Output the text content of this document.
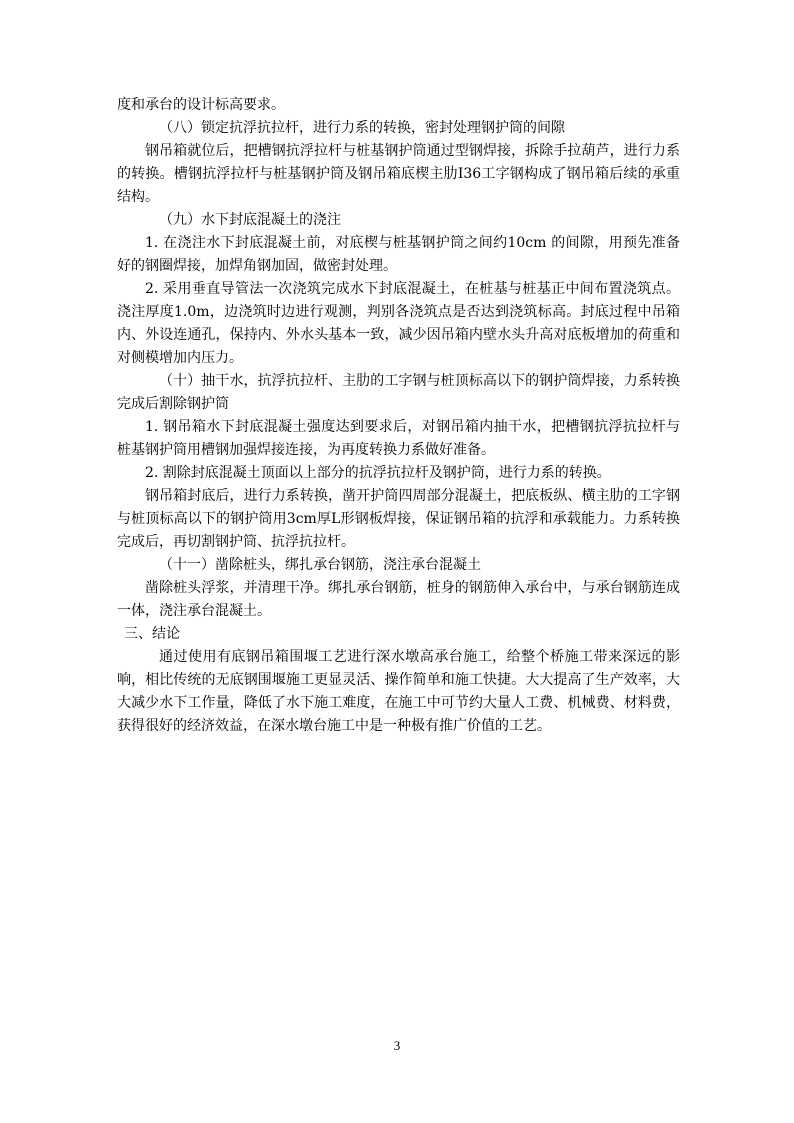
度和承台的设计标高要求。

（八）锁定抗浮抗拉杆，进行力系的转换，密封处理钢护筒的间隙

钢吊箱就位后，把槽钢抗浮拉杆与桩基钢护筒通过型钢焊接，拆除手拉葫芦，进行力系的转换。槽钢抗浮拉杆与桩基钢护筒及钢吊箱底楔主肋I36工字钢构成了钢吊箱后续的承重结构。

（九）水下封底混凝土的浇注

1. 在浇注水下封底混凝土前，对底楔与桩基钢护筒之间约10cm 的间隙，用预先准备好的钢圈焊接，加焊角钢加固，做密封处理。

2. 采用垂直导管法一次浇筑完成水下封底混凝土，在桩基与桩基正中间布置浇筑点。浇注厚度1.0m，边浇筑时边进行观测，判别各浇筑点是否达到浇筑标高。封底过程中吊箱内、外设连通孔，保持内、外水头基本一致，减少因吊箱内壁水头升高对底板增加的荷重和对侧模增加内压力。

（十）抽干水，抗浮抗拉杆、主肋的工字钢与桩顶标高以下的钢护筒焊接，力系转换完成后割除钢护筒

1. 钢吊箱水下封底混凝土强度达到要求后，对钢吊箱内抽干水，把槽钢抗浮抗拉杆与桩基钢护筒用槽钢加强焊接连接，为再度转换力系做好准备。

2. 割除封底混凝土顶面以上部分的抗浮抗拉杆及钢护筒，进行力系的转换。

钢吊箱封底后，进行力系转换，凿开护筒四周部分混凝土，把底板纵、横主肋的工字钢与桩顶标高以下的钢护筒用3cm厚L形钢板焊接，保证钢吊箱的抗浮和承载能力。力系转换完成后，再切割钢护筒、抗浮抗拉杆。

（十一）凿除桩头，绑扎承台钢筋，浇注承台混凝土

凿除桩头浮浆，并清理干净。绑扎承台钢筋，桩身的钢筋伸入承台中，与承台钢筋连成一体，浇注承台混凝土。

三、结论

通过使用有底钢吊箱围堰工艺进行深水墩高承台施工，给整个桥施工带来深远的影响，相比传统的无底钢围堰施工更显灵活、操作简单和施工快捷。大大提高了生产效率，大大减少水下工作量，降低了水下施工难度，在施工中可节约大量人工费、机械费、材料费，获得很好的经济效益，在深水墩台施工中是一种极有推广价值的工艺。

3
